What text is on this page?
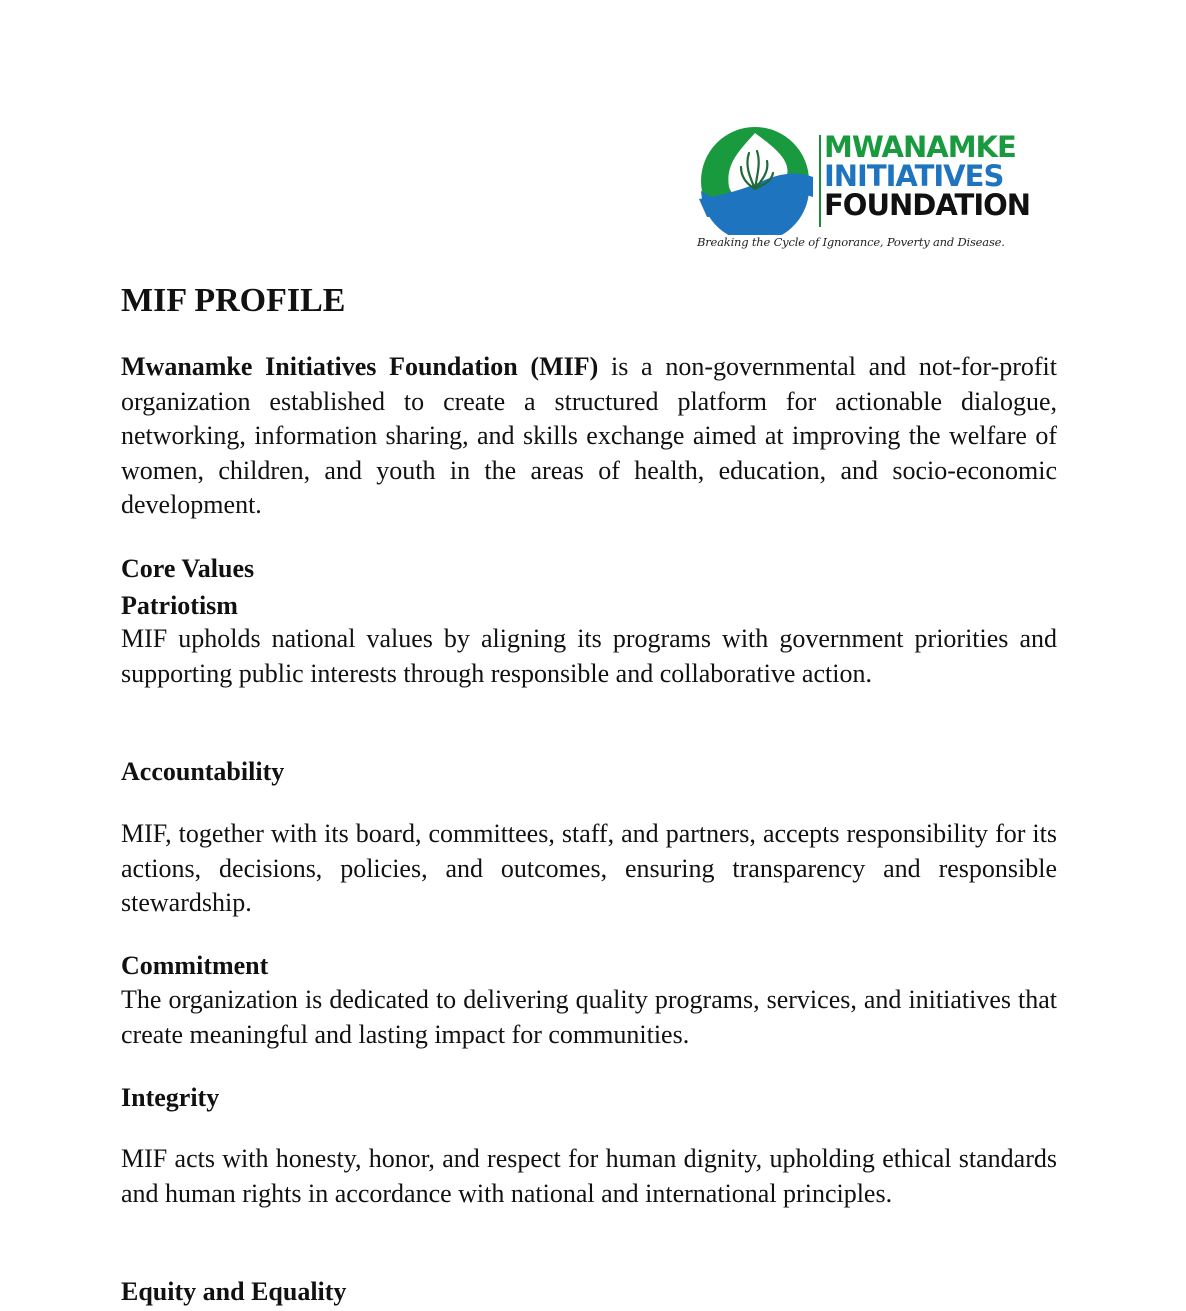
MWANAMKE
INITIATIVES
FOUNDATION
Breaking the Cycle of Ignorance, Poverty and Disease.
MIF PROFILE

Mwanamke Initiatives Foundation (MIF) is a non-governmental and not-for-profit organization established to create a structured platform for actionable dialogue, networking, information sharing, and skills exchange aimed at improving the welfare of women, children, and youth in the areas of health, education, and socio-economic development.

Core Values
Patriotism

MIF upholds national values by aligning its programs with government priorities and supporting public interests through responsible and collaborative action.

Accountability

MIF, together with its board, committees, staff, and partners, accepts responsibility for its actions, decisions, policies, and outcomes, ensuring transparency and responsible stewardship.

Commitment

The organization is dedicated to delivering quality programs, services, and initiatives that create meaningful and lasting impact for communities.

Integrity

MIF acts with honesty, honor, and respect for human dignity, upholding ethical standards and human rights in accordance with national and international principles.

Equity and Equality
